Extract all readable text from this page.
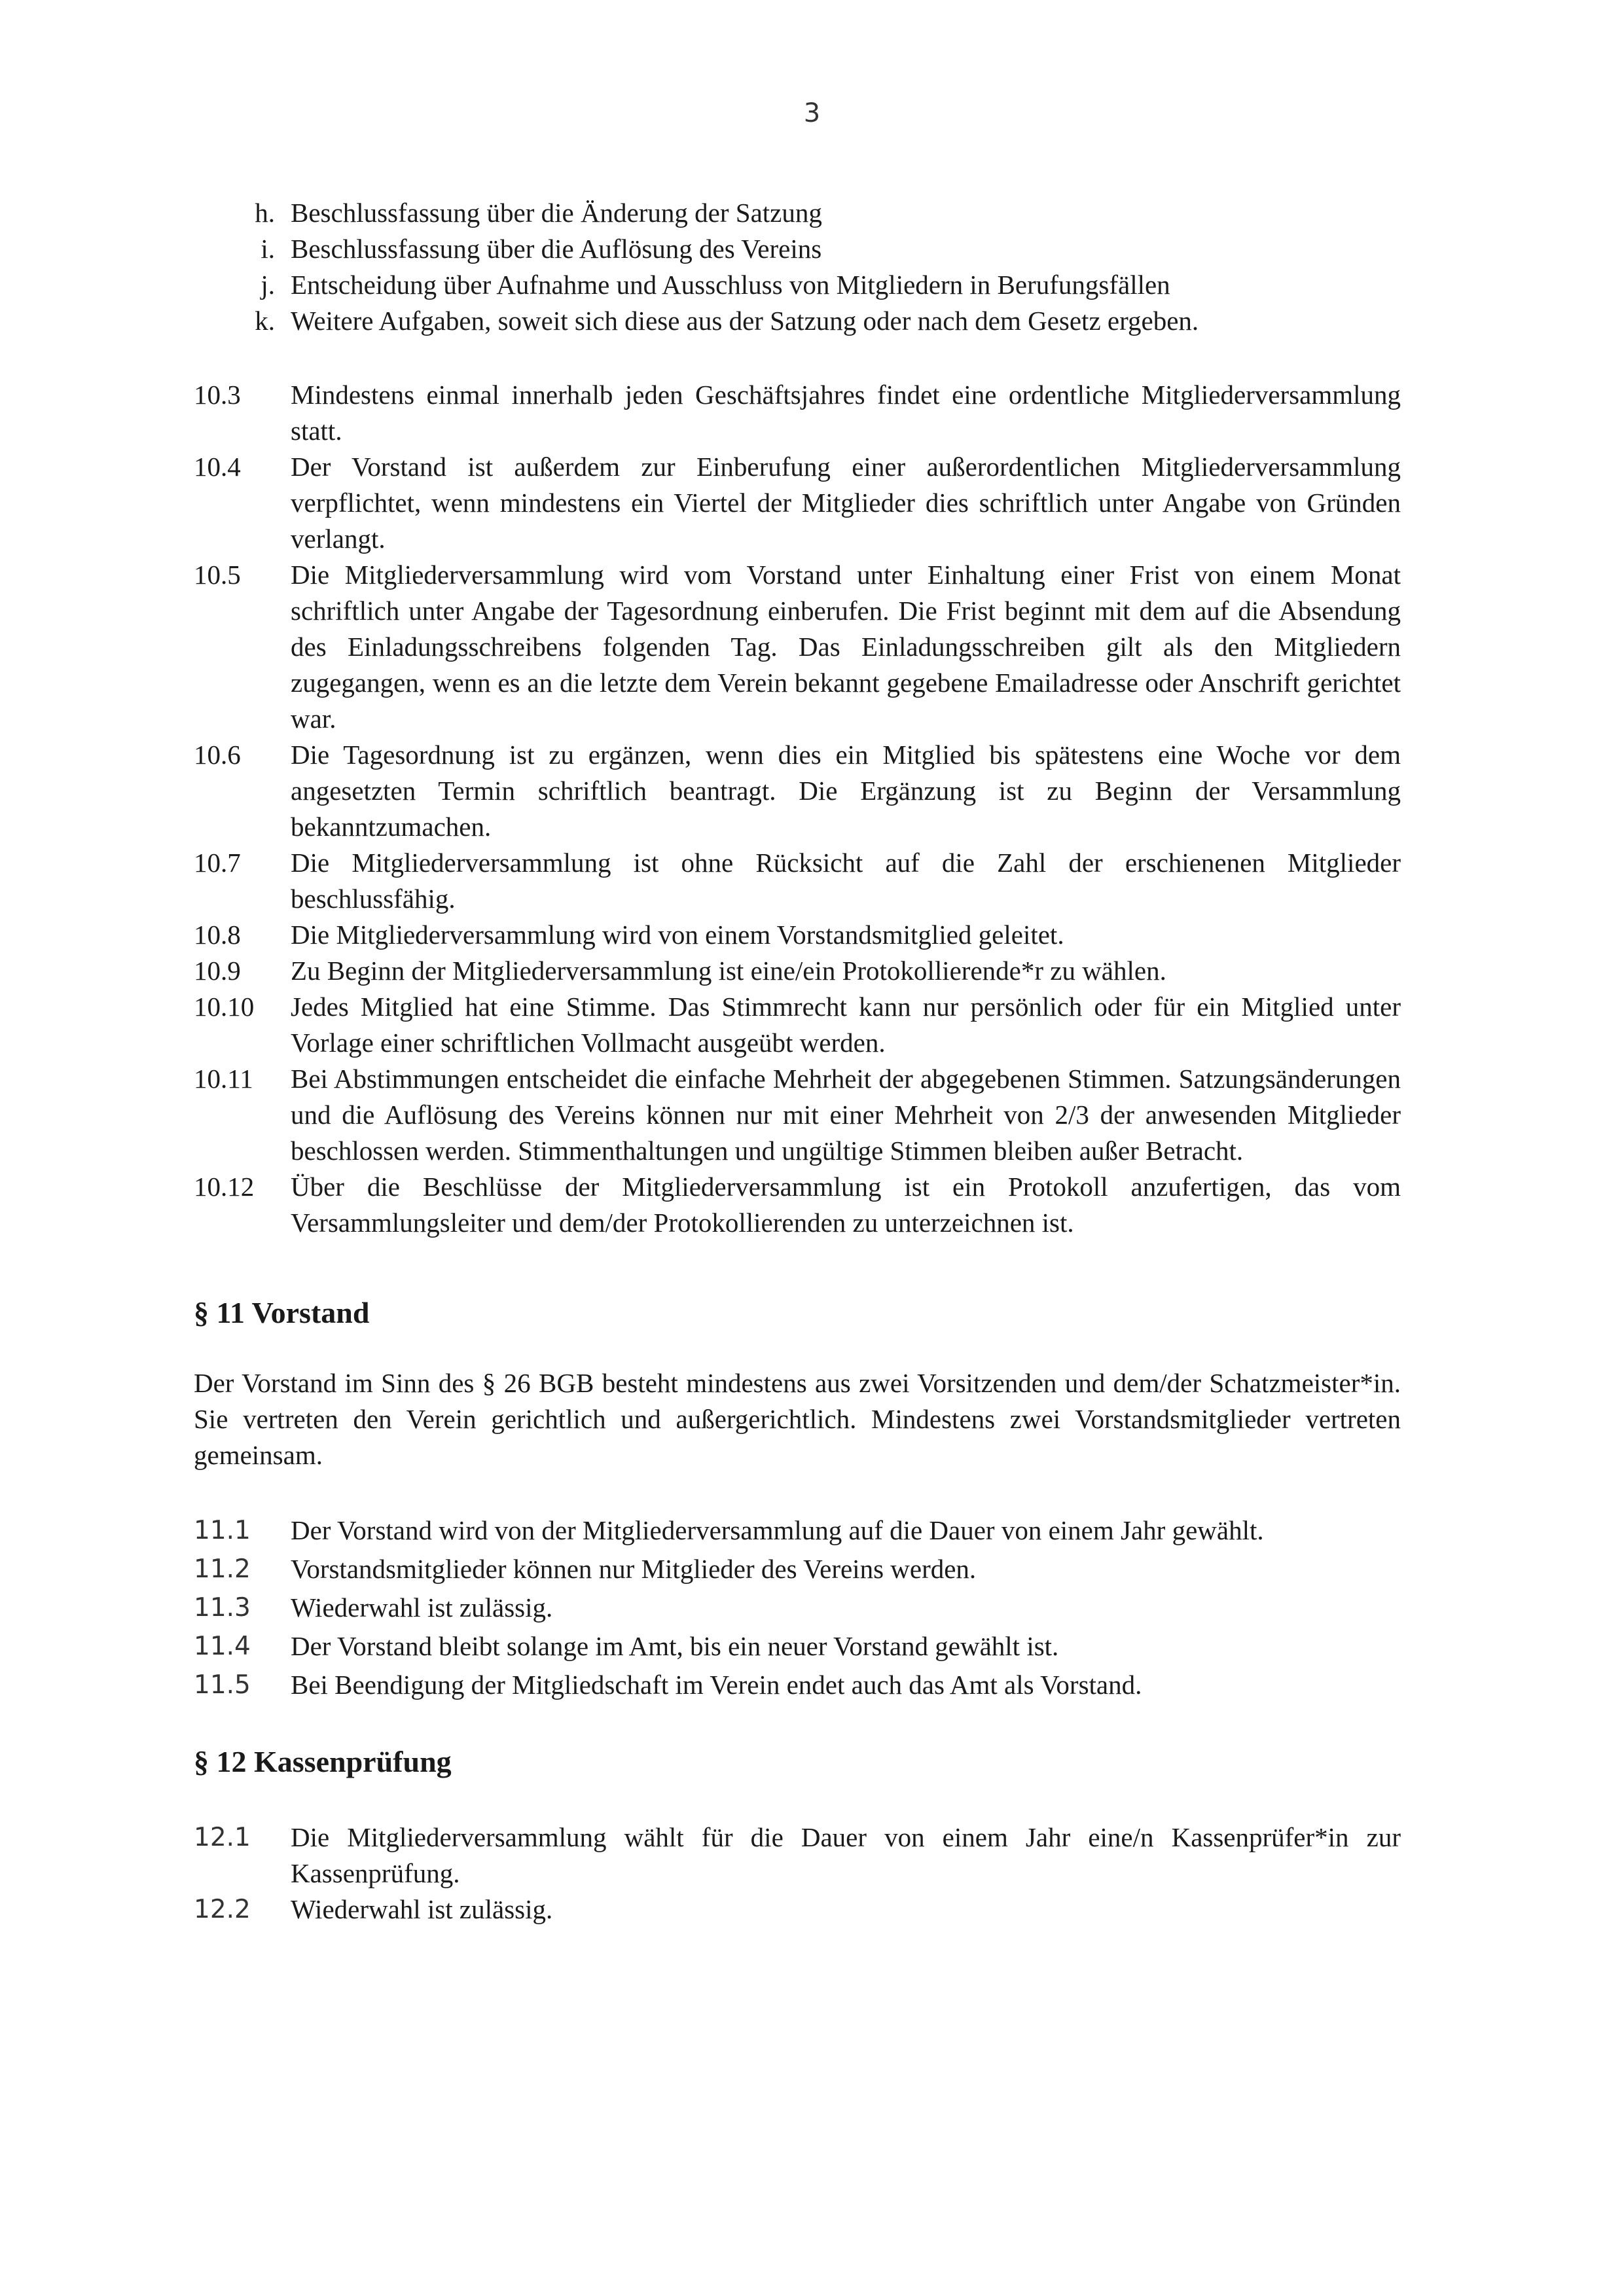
3
h. Beschlussfassung über die Änderung der Satzung
i. Beschlussfassung über die Auflösung des Vereins
j. Entscheidung über Aufnahme und Ausschluss von Mitgliedern in Berufungsfällen
k. Weitere Aufgaben, soweit sich diese aus der Satzung oder nach dem Gesetz ergeben.
10.3	Mindestens einmal innerhalb jeden Geschäftsjahres findet eine ordentliche Mitgliederversammlung statt.
10.4	Der Vorstand ist außerdem zur Einberufung einer außerordentlichen Mitgliederversammlung verpflichtet, wenn mindestens ein Viertel der Mitglieder dies schriftlich unter Angabe von Gründen verlangt.
10.5	Die Mitgliederversammlung wird vom Vorstand unter Einhaltung einer Frist von einem Monat schriftlich unter Angabe der Tagesordnung einberufen. Die Frist beginnt mit dem auf die Absendung des Einladungsschreibens folgenden Tag. Das Einladungsschreiben gilt als den Mitgliedern zugegangen, wenn es an die letzte dem Verein bekannt gegebene Emailadresse oder Anschrift gerichtet war.
10.6	Die Tagesordnung ist zu ergänzen, wenn dies ein Mitglied bis spätestens eine Woche vor dem angesetzten Termin schriftlich beantragt. Die Ergänzung ist zu Beginn der Versammlung bekanntzumachen.
10.7	Die Mitgliederversammlung ist ohne Rücksicht auf die Zahl der erschienenen Mitglieder beschlussfähig.
10.8	Die Mitgliederversammlung wird von einem Vorstandsmitglied geleitet.
10.9	Zu Beginn der Mitgliederversammlung ist eine/ein Protokollierende*r zu wählen.
10.10	Jedes Mitglied hat eine Stimme. Das Stimmrecht kann nur persönlich oder für ein Mitglied unter Vorlage einer schriftlichen Vollmacht ausgeübt werden.
10.11	Bei Abstimmungen entscheidet die einfache Mehrheit der abgegebenen Stimmen. Satzungsänderungen und die Auflösung des Vereins können nur mit einer Mehrheit von 2/3 der anwesenden Mitglieder beschlossen werden. Stimmenthaltungen und ungültige Stimmen bleiben außer Betracht.
10.12	Über die Beschlüsse der Mitgliederversammlung ist ein Protokoll anzufertigen, das vom Versammlungsleiter und dem/der Protokollierenden zu unterzeichnen ist.
§ 11 Vorstand
Der Vorstand im Sinn des § 26 BGB besteht mindestens aus zwei Vorsitzenden und dem/der Schatzmeister*in. Sie vertreten den Verein gerichtlich und außergerichtlich. Mindestens zwei Vorstandsmitglieder vertreten gemeinsam.
11.1	Der Vorstand wird von der Mitgliederversammlung auf die Dauer von einem Jahr gewählt.
11.2	Vorstandsmitglieder können nur Mitglieder des Vereins werden.
11.3	Wiederwahl ist zulässig.
11.4	Der Vorstand bleibt solange im Amt, bis ein neuer Vorstand gewählt ist.
11.5	Bei Beendigung der Mitgliedschaft im Verein endet auch das Amt als Vorstand.
§ 12 Kassenprüfung
12.1	Die Mitgliederversammlung wählt für die Dauer von einem Jahr eine/n Kassenprüfer*in zur Kassenprüfung.
12.2	Wiederwahl ist zulässig.
